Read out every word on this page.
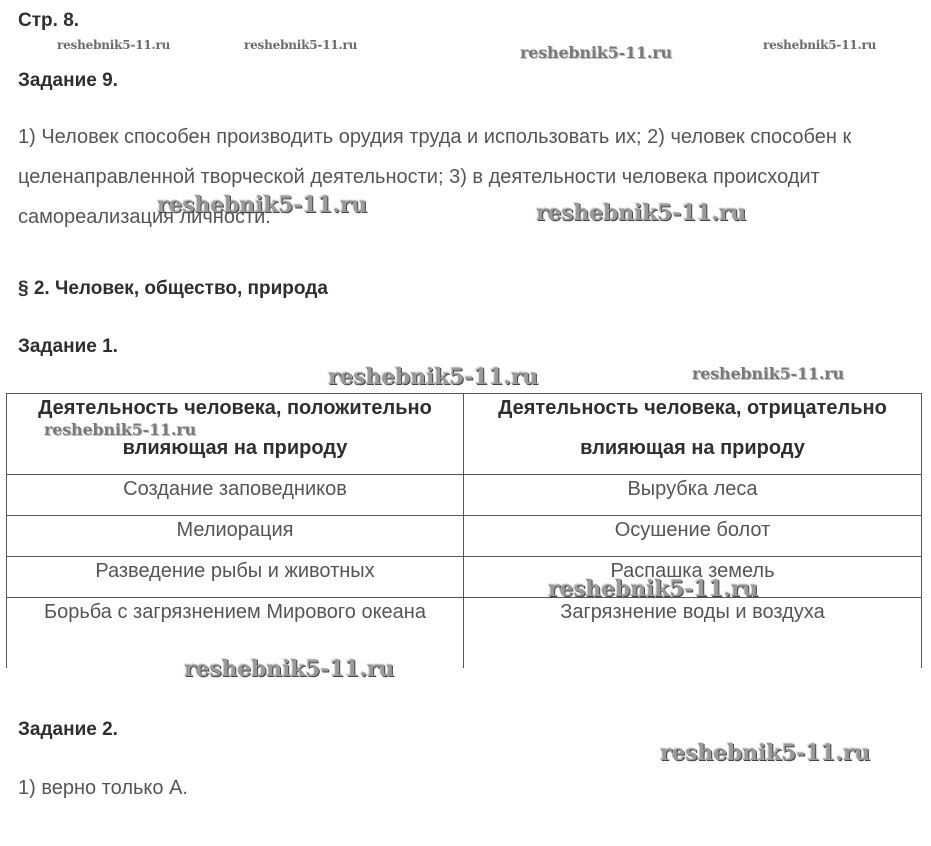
Стр. 8.
Задание 9.

1) Человек способен производить орудия труда и использовать их; 2) человек способен к целенаправленной творческой деятельности; 3) в деятельности человека происходит самореализация личности.

§ 2. Человек, общество, природа
Задание 1.
Деятельность человека, положительно влияющая на природу	Деятельность человека, отрицательно влияющая на природу

Создание заповедников	Вырубка леса

Мелиорация	Осушение болот

Разведение рыбы и животных	Распашка земель

Борьба с загрязнением Мирового океана	Загрязнение воды и воздуха
Задание 2.

1) верно только А.

reshebnik5-11.ru	reshebnik5-11.ru	reshebnik5-11.ru	reshebnik5-11.ru
reshebnik5-11.ru	reshebnik5-11.ru
reshebnik5-11.ru	reshebnik5-11.ru
reshebnik5-11.ru
reshebnik5-11.ru
reshebnik5-11.ru
reshebnik5-11.ru
